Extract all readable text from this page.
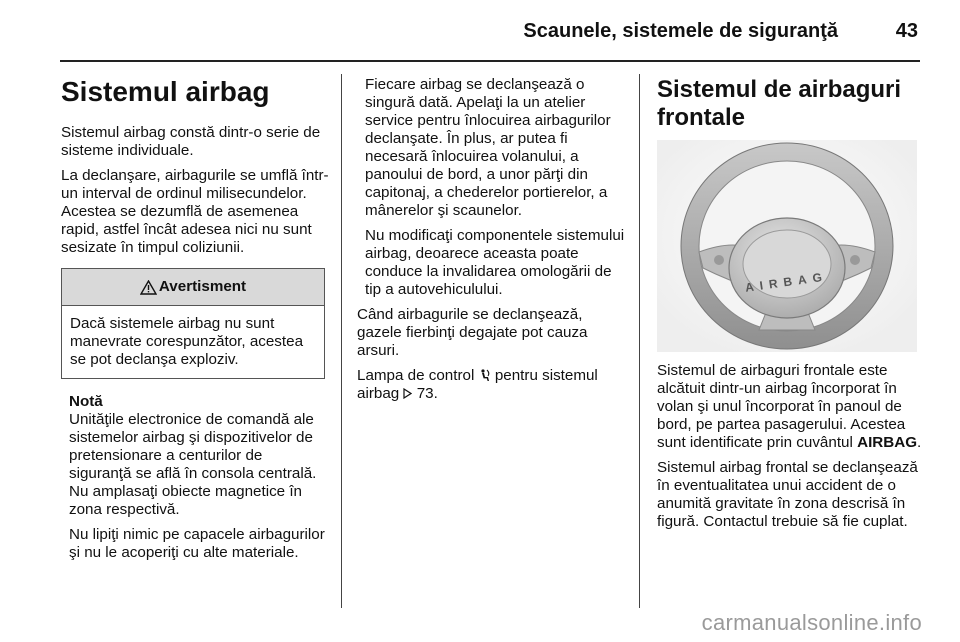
Scaunele, sistemele de siguranţă	43
Sistemul airbag

Sistemul airbag constă dintr-o serie de sisteme individuale.

La declanşare, airbagurile se umflă într-un interval de ordinul milisecundelor. Acestea se dezumflă de asemenea rapid, astfel încât adesea nici nu sunt sesizate în timpul coliziunii.

Avertisment
Dacă sistemele airbag nu sunt manevrate corespunzător, acestea se pot declanşa exploziv.
Notă

Unităţile electronice de comandă ale sistemelor airbag şi dispozitivelor de pretensionare a centurilor de siguranţă se află în consola centrală. Nu amplasaţi obiecte magnetice în zona respectivă.

Nu lipiţi nimic pe capacele airbagurilor şi nu le acoperiţi cu alte materiale.

Fiecare airbag se declanşează o singură dată. Apelaţi la un atelier service pentru înlocuirea airbagurilor declanşate. În plus, ar putea fi necesară înlocuirea volanului, a panoului de bord, a unor părţi din capitonaj, a chederelor portierelor, a mânerelor şi scaunelor.

Nu modificaţi componentele sistemului airbag, deoarece aceasta poate conduce la invalidarea omologării de tip a autovehiculului.

Când airbagurile se declanşează, gazele fierbinţi degajate pot cauza arsuri.

Lampa de control pentru sistemul airbag 73.

Sistemul de airbaguri frontale
AIRBAG

Sistemul de airbaguri frontale este alcătuit dintr-un airbag încorporat în volan şi unul încorporat în panoul de bord, pe partea pasagerului. Acestea sunt identificate prin cuvântul AIRBAG.

Sistemul airbag frontal se declanşează în eventualitatea unui accident de o anumită gravitate în zona descrisă în figură. Contactul trebuie să fie cuplat.

carmanualsonline.info
